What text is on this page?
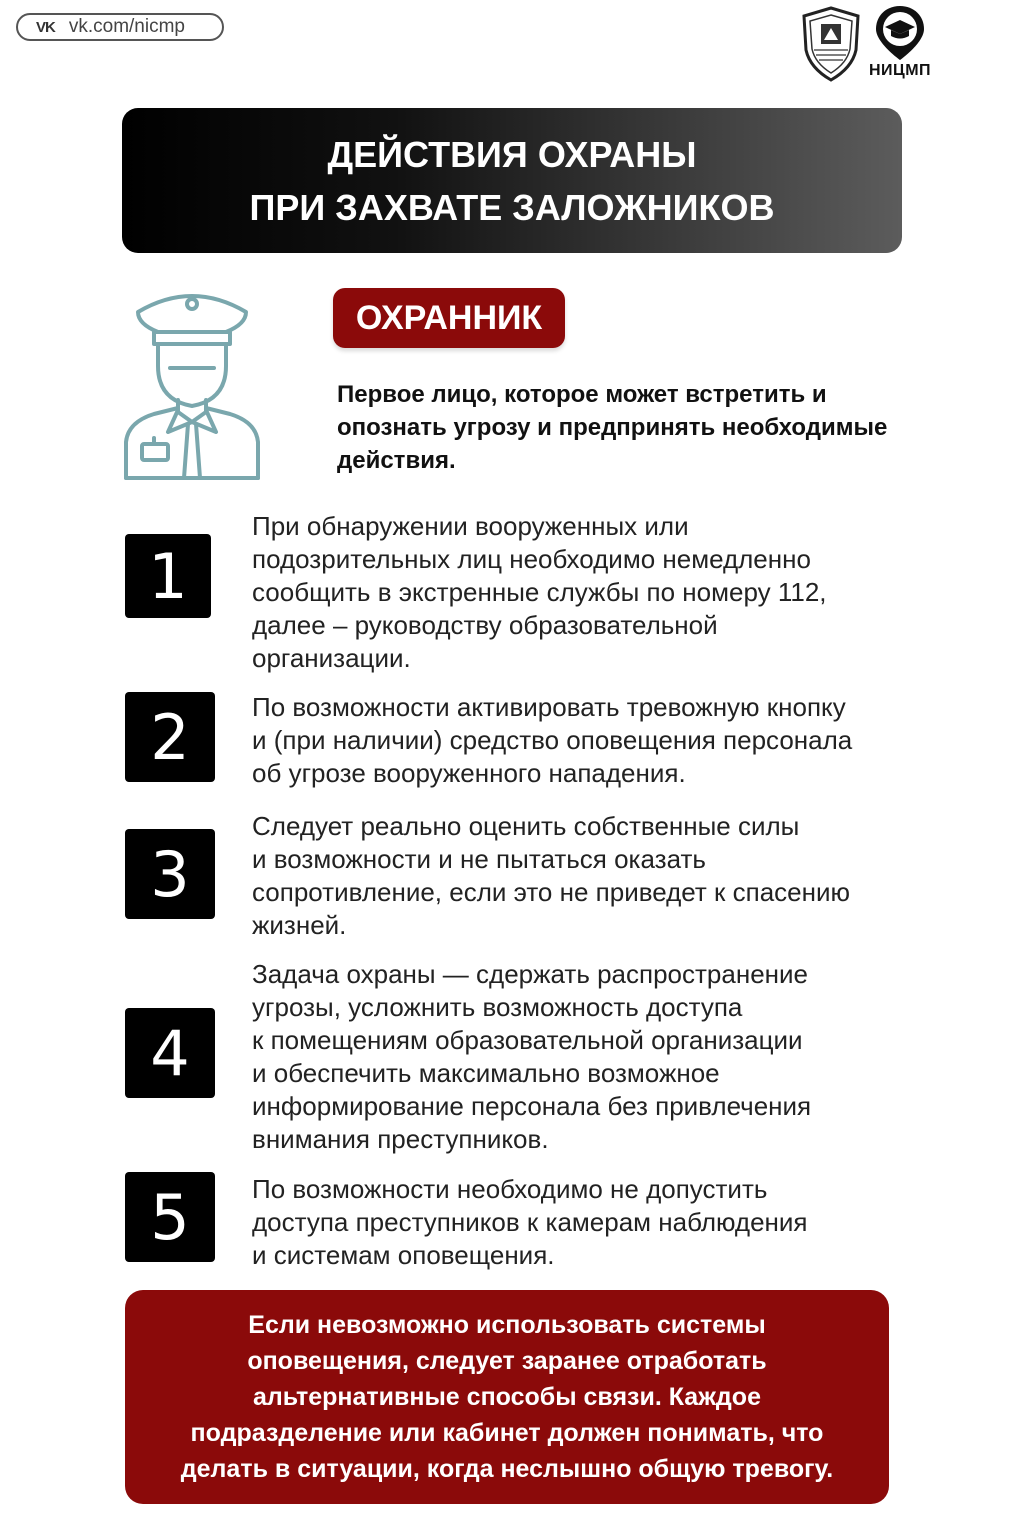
VK vk.com/nicmp
НИЦМП
ДЕЙСТВИЯ ОХРАНЫ
ПРИ ЗАХВАТЕ ЗАЛОЖНИКОВ
ОХРАННИК
Первое лицо, которое может встретить и опознать угрозу и предпринять необходимые действия.
1
При обнаружении вооруженных или
подозрительных лиц необходимо немедленно
сообщить в экстренные службы по номеру 112,
далее – руководству образовательной
организации.
2	По возможности активировать тревожную кнопку
и (при наличии) средство оповещения персонала
об угрозе вооруженного нападения.
3
Следует реально оценить собственные силы
и возможности и не пытаться оказать
сопротивление, если это не приведет к спасению
жизней.
4
Задача охраны — сдержать распространение
угрозы, усложнить возможность доступа
к помещениям образовательной организации
и обеспечить максимально возможное
информирование персонала без привлечения
внимания преступников.
5	По возможности необходимо не допустить
доступа преступников к камерам наблюдения
и системам оповещения.
Если невозможно использовать системы
оповещения, следует заранее отработать
альтернативные способы связи. Каждое
подразделение или кабинет должен понимать, что
делать в ситуации, когда неслышно общую тревогу.
